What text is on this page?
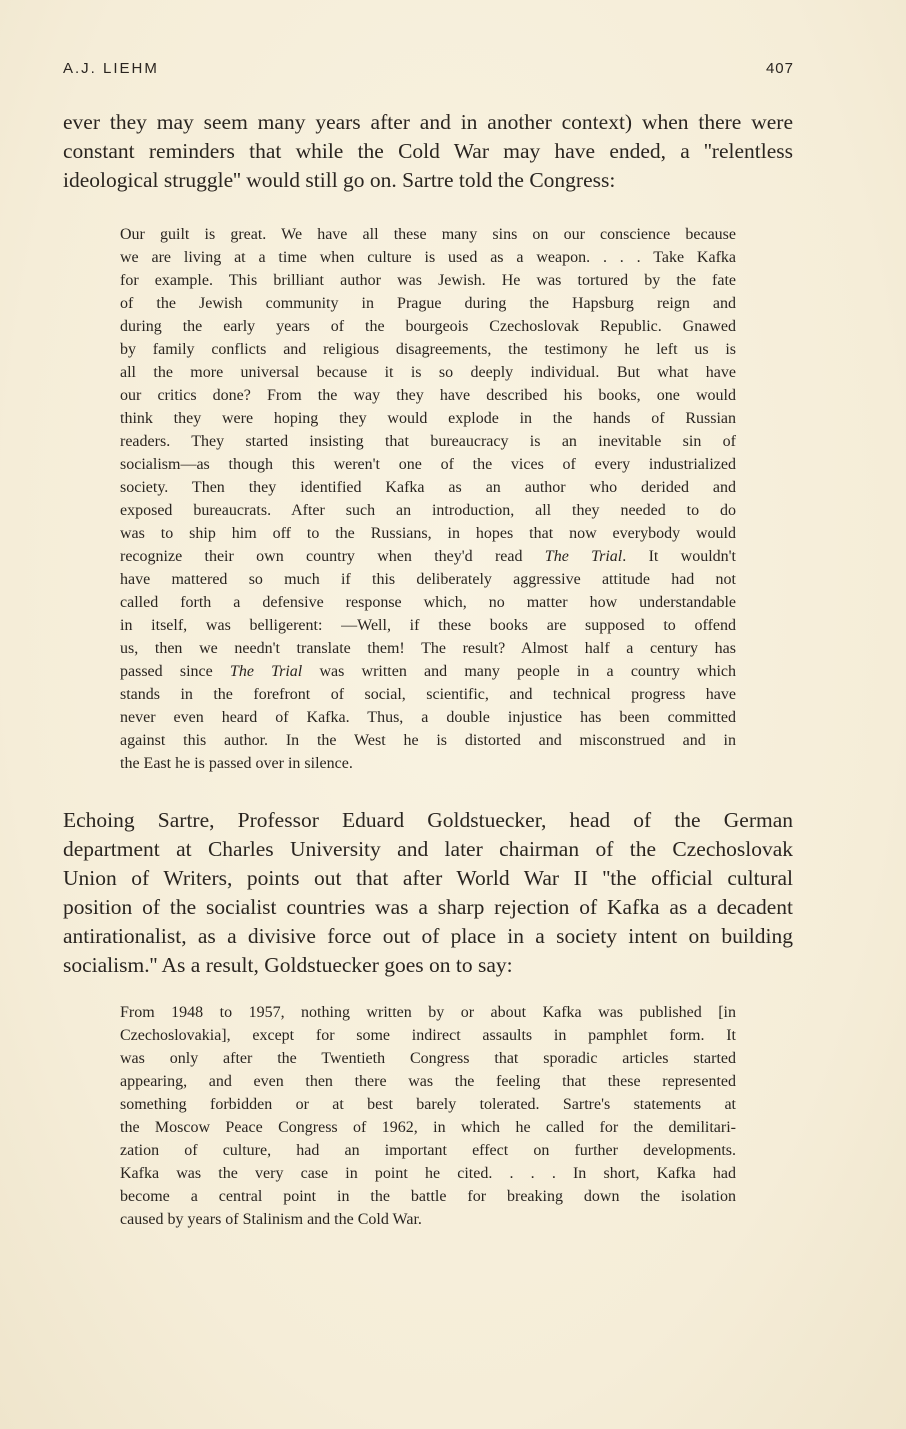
A.J. LIEHM	407
ever they may seem many years after and in another context) when there were
constant reminders that while the Cold War may have ended, a ''relentless
ideological struggle'' would still go on. Sartre told the Congress:
Our guilt is great. We have all these many sins on our conscience because
we are living at a time when culture is used as a weapon. . . . Take Kafka
for example. This brilliant author was Jewish. He was tortured by the fate
of the Jewish community in Prague during the Hapsburg reign and
during the early years of the bourgeois Czechoslovak Republic. Gnawed
by family conflicts and religious disagreements, the testimony he left us is
all the more universal because it is so deeply individual. But what have
our critics done? From the way they have described his books, one would
think they were hoping they would explode in the hands of Russian
readers. They started insisting that bureaucracy is an inevitable sin of
socialism—as though this weren't one of the vices of every industrialized
society. Then they identified Kafka as an author who derided and
exposed bureaucrats. After such an introduction, all they needed to do
was to ship him off to the Russians, in hopes that now everybody would
recognize their own country when they'd read The Trial. It wouldn't
have mattered so much if this deliberately aggressive attitude had not
called forth a defensive response which, no matter how understandable
in itself, was belligerent: —Well, if these books are supposed to offend
us, then we needn't translate them! The result? Almost half a century has
passed since The Trial was written and many people in a country which
stands in the forefront of social, scientific, and technical progress have
never even heard of Kafka. Thus, a double injustice has been committed
against this author. In the West he is distorted and misconstrued and in
the East he is passed over in silence.
Echoing Sartre, Professor Eduard Goldstuecker, head of the German
department at Charles University and later chairman of the Czechoslovak
Union of Writers, points out that after World War II ''the official cultural
position of the socialist countries was a sharp rejection of Kafka as a decadent
antirationalist, as a divisive force out of place in a society intent on building
socialism.'' As a result, Goldstuecker goes on to say:
From 1948 to 1957, nothing written by or about Kafka was published [in
Czechoslovakia], except for some indirect assaults in pamphlet form. It
was only after the Twentieth Congress that sporadic articles started
appearing, and even then there was the feeling that these represented
something forbidden or at best barely tolerated. Sartre's statements at
the Moscow Peace Congress of 1962, in which he called for the demilitari-
zation of culture, had an important effect on further developments.
Kafka was the very case in point he cited. . . . In short, Kafka had
become a central point in the battle for breaking down the isolation
caused by years of Stalinism and the Cold War.
